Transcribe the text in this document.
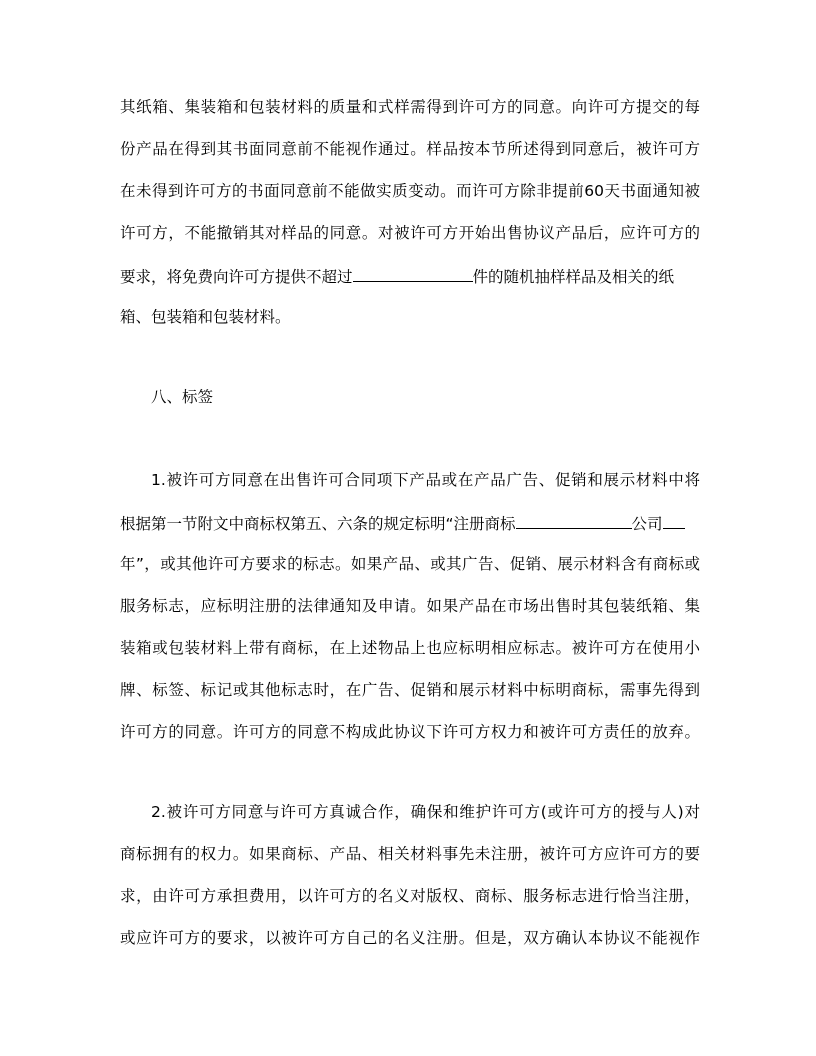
其纸箱、集装箱和包装材料的质量和式样需得到许可方的同意。向许可方提交的每
份产品在得到其书面同意前不能视作通过。样品按本节所述得到同意后，被许可方
在未得到许可方的书面同意前不能做实质变动。而许可方除非提前60天书面通知被
许可方，不能撤销其对样品的同意。对被许可方开始出售协议产品后，应许可方的
要求，将免费向许可方提供不超过	件的随机抽样样品及相关的纸
箱、包装箱和包装材料。
八、标签
1.被许可方同意在出售许可合同项下产品或在产品广告、促销和展示材料中将
根据第一节附文中商标权第五、六条的规定标明“注册商标	公司
年”，或其他许可方要求的标志。如果产品、或其广告、促销、展示材料含有商标或
服务标志，应标明注册的法律通知及申请。如果产品在市场出售时其包装纸箱、集
装箱或包装材料上带有商标，在上述物品上也应标明相应标志。被许可方在使用小
牌、标签、标记或其他标志时，在广告、促销和展示材料中标明商标，需事先得到
许可方的同意。许可方的同意不构成此协议下许可方权力和被许可方责任的放弃。
2.被许可方同意与许可方真诚合作，确保和维护许可方(或许可方的授与人)对
商标拥有的权力。如果商标、产品、相关材料事先未注册，被许可方应许可方的要
求，由许可方承担费用，以许可方的名义对版权、商标、服务标志进行恰当注册，
或应许可方的要求，以被许可方自己的名义注册。但是，双方确认本协议不能视作
